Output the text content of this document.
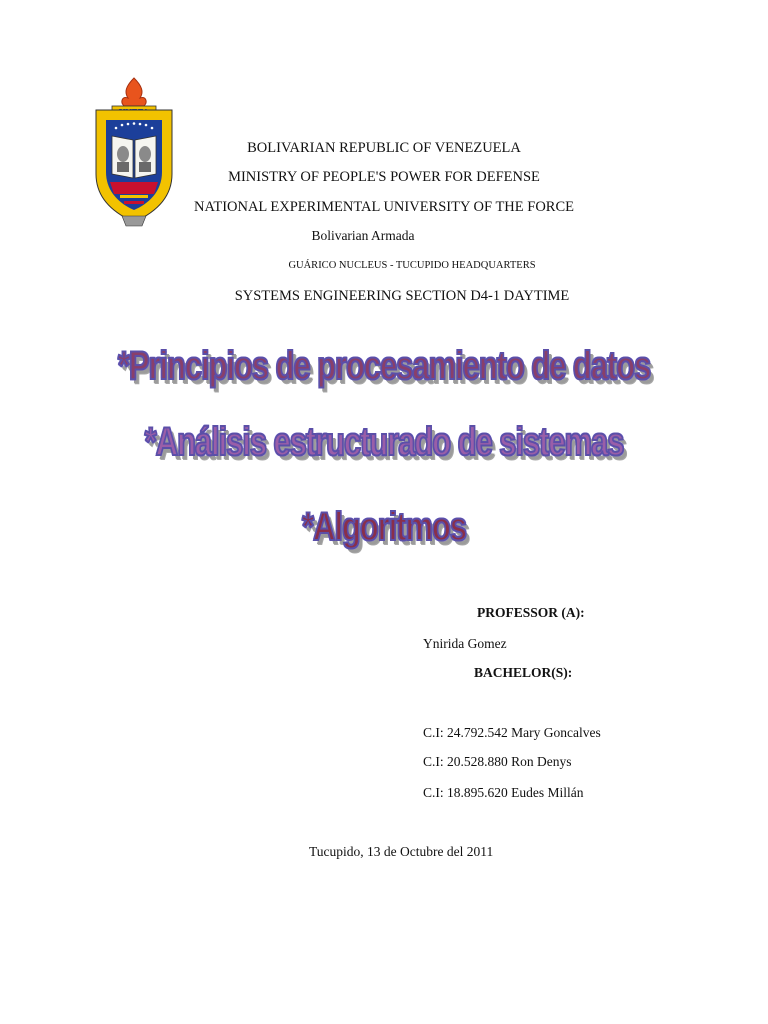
BOLIVARIAN REPUBLIC OF VENEZUELA
MINISTRY OF PEOPLE'S POWER FOR DEFENSE
NATIONAL EXPERIMENTAL UNIVERSITY OF THE FORCE
Bolivarian Armada
GUÁRICO NUCLEUS - TUCUPIDO HEADQUARTERS
SYSTEMS ENGINEERING SECTION D4-1 DAYTIME
*Principios de procesamiento de datos
*Análisis estructurado de sistemas
*Algoritmos
PROFESSOR (A):
Ynirida Gomez
BACHELOR(S):
C.I: 24.792.542 Mary Goncalves
C.I: 20.528.880 Ron Denys
C.I: 18.895.620 Eudes Millán
Tucupido, 13 de Octubre del 2011
